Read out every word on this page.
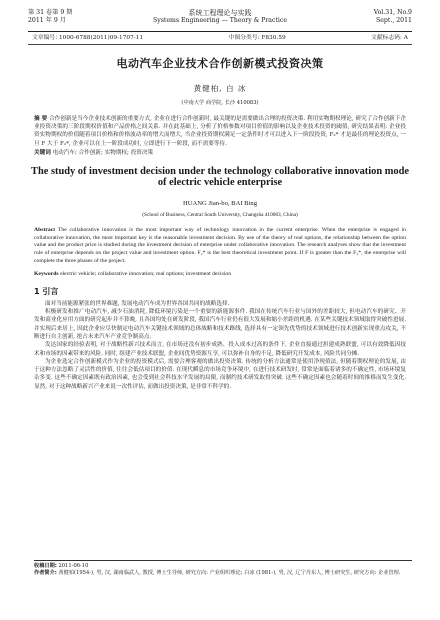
第 31 卷第 9 期
2011 年 9 月
系统工程理论与实践
Systems Engineering — Theory & Practice
Vol.31, No.9
Sept., 2011
文章编号: 1000-6788(2011)09-1707-11	中图分类号: F830.59	文献标志码: A
电动汽车企业技术合作创新模式投资决策
黄健柏, 白 冰
(中南大学 商学院, 长沙 410083)
摘 要 合作创新是当今企业技术创新的重要方式, 企业在进行合作创新时, 最关键的是需要做出合理的投资决策. 利用实物期权理论, 研究了合作创新下企业投资决策的三阶段期权价值和产品价格之间关系. 并在此基础上, 分析了价格参数对项目价值的影响以及企业技术投资的阈值, 研究结果表明: 企业投资实物期权的价值随着项目价格和价格波动率的增大而增大, 当企业投资期权满足一定条件时才可以进入下一阶段投资, F₂* 才是最佳的理论投资点, 一旦 F 大于 F₂*, 企业可以在上一阶段成功时, 立即进行下一阶段, 而不需要等待.
关键词 电动汽车; 合作创新; 实物期权; 投资决策
The study of investment decision under the technology collaborative innovation mode of electric vehicle enterprise
HUANG Jian-bo, BAI Bing
(School of Business, Central South University, Changsha 410083, China)
Abstract The collaborative innovation is the most important way of technology innovation in the current enterprise. When the enterprise is engaged in collaborative innovation, the most important key is the reasonable investment decision. By use of the theory of real options, the relationship between the option value and the product price is studied during the investment decision of enterprise under collaborative innovation. The research analyses show that the investment rule of enterprise depends on the project value and investment option. F₂* is the best theoretical investment point. If F is greater than the F₂*, the enterprise will complete the three phases of the project.
Keywords electric vehicle; collaborative innovation; real options; investment decision
1 引言

面对当前能源紧张的世界难题, 发展电动汽车成为世界各国共同的战略选择.

积极研发和推广电动汽车, 减少石油消耗, 降低环境污染是一个重要的新能源事件. 我国在传统汽车行业与国外的差距较大, 但电动汽车的研究、开发和商业化应用方面的研究起步并不算晚, 且各国均处在研发阶段, 我国汽车行业仍有很大发展和缩小差距的机遇. 在某些关键技术领域取得突破性进展. 并实现后来居上, 因此企业应尽快制定电动汽车关键技术领域的总体战略和技术路线, 选择具有一定领先优势的技术领域进行技术创新实现重点攻关, 不断进行自主创新, 抢占未来汽车产业竞争制高点.

发达国家的经验表明, 对于战略性新兴技术而言, 在市场还没有初步成熟、投入成本过高的条件下, 企业直接通过担建成熟联盟, 可以有效降低因技术和市场的因素带来的风险. 同时, 组建产业技术联盟, 企业间优势资源互享, 可以弥补自身的不足, 降低研究开发成本, 风险共同分摊.

为企业选定合作创新模式作为企业的投资模式后, 需要合理客观的做出投资决策. 传统的分析方法通常是使用净现值法, 但随着期权理论的发展, 由于这种方法忽略了灵活性的价值, 往往会低估项目的价值. 在现代瞬息的市场竞争环境中, 在进行技术研发时, 常常是面临着诸多的不确定性, 市场环境复杂多变. 这些不确定因素既有政治因素, 也会受到社会科技水平发展的局限, 而制约技术研发取得突破. 这些不确定因素也会随着时间的推移而发生变化. 显然, 对于这种战略新兴产业来说一次性评估, 而做出投资决策, 是非常不科学的.

收稿日期: 2011-06-10
作者简介: 黄健柏(1954-), 男, 汉, 湖南临武人, 教授, 博士生导师, 研究方向: 产业组织理论; 白冰 (1981-), 男, 汉, 辽宁丹东人, 博士研究生, 研究方向: 企业管理.
